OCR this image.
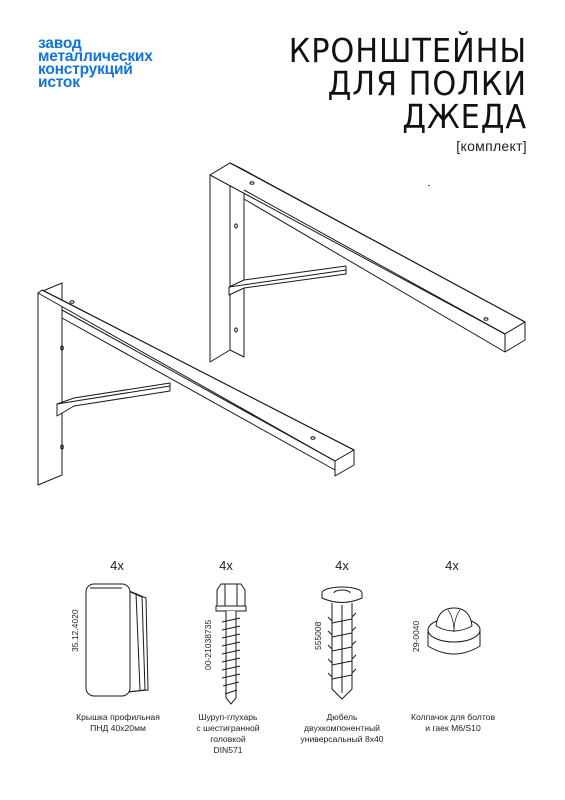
завод
металлических
конструкций
исток
КРОНШТЕЙНЫ
ДЛЯ ПОЛКИ
ДЖЕДА
[комплект]
4x
35.12.4020
Крышка профильная
ПНД 40х20мм
4x
00-21038735
Шуруп-глухарь
с шестигранной
головкой
DIN571
4x
555008
Дюбель
двухкомпонентный
универсальный 8х40
4x
29-0040
Колпачок для болтов
и гаек M6/S10
